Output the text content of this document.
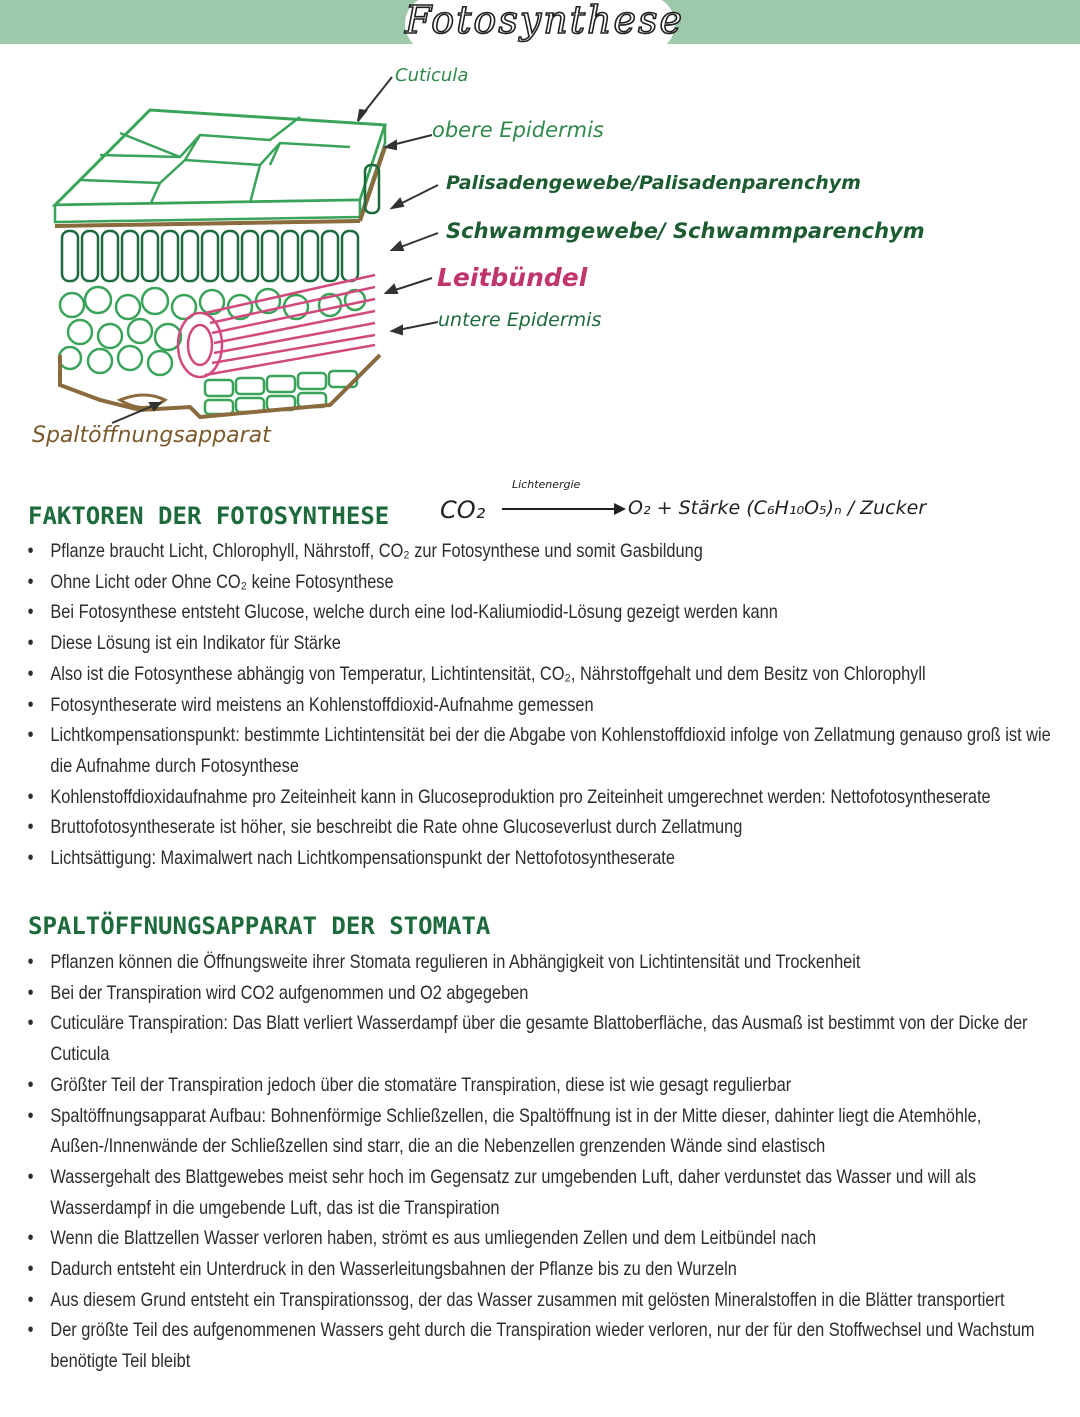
Fotosynthese
Cuticula
obere Epidermis
Palisadengewebe/Palisadenparenchym
Schwammgewebe/ Schwammparenchym
Leitbündel
untere Epidermis
Spaltöffnungsapparat
FAKTOREN DER FOTOSYNTHESE CO₂
Lichtenergie
O₂ + Stärke (C₆H₁₀O₅)ₙ / Zucker
• Pflanze braucht Licht, Chlorophyll, Nährstoff, CO₂ zur Fotosynthese und somit Gasbildung
• Ohne Licht oder Ohne CO₂ keine Fotosynthese
• Bei Fotosynthese entsteht Glucose, welche durch eine Iod-Kaliumiodid-Lösung gezeigt werden kann
• Diese Lösung ist ein Indikator für Stärke
• Also ist die Fotosynthese abhängig von Temperatur, Lichtintensität, CO₂, Nährstoffgehalt und dem Besitz von Chlorophyll
• Fotosyntheserate wird meistens an Kohlenstoffdioxid-Aufnahme gemessen
• Lichtkompensationspunkt: bestimmte Lichtintensität bei der die Abgabe von Kohlenstoffdioxid infolge von Zellatmung genauso groß ist wie die Aufnahme durch Fotosynthese
• Kohlenstoffdioxidaufnahme pro Zeiteinheit kann in Glucoseproduktion pro Zeiteinheit umgerechnet werden: Nettofotosyntheserate
• Bruttofotosyntheserate ist höher, sie beschreibt die Rate ohne Glucoseverlust durch Zellatmung
• Lichtsättigung: Maximalwert nach Lichtkompensationspunkt der Nettofotosyntheserate
SPALTÖFFNUNGSAPPARAT DER STOMATA
• Pflanzen können die Öffnungsweite ihrer Stomata regulieren in Abhängigkeit von Lichtintensität und Trockenheit
• Bei der Transpiration wird CO2 aufgenommen und O2 abgegeben
• Cuticuläre Transpiration: Das Blatt verliert Wasserdampf über die gesamte Blattoberfläche, das Ausmaß ist bestimmt von der Dicke der Cuticula
• Größter Teil der Transpiration jedoch über die stomatäre Transpiration, diese ist wie gesagt regulierbar
• Spaltöffnungsapparat Aufbau: Bohnenförmige Schließzellen, die Spaltöffnung ist in der Mitte dieser, dahinter liegt die Atemhöhle, Außen-/Innenwände der Schließzellen sind starr, die an die Nebenzellen grenzenden Wände sind elastisch
• Wassergehalt des Blattgewebes meist sehr hoch im Gegensatz zur umgebenden Luft, daher verdunstet das Wasser und will als Wasserdampf in die umgebende Luft, das ist die Transpiration
• Wenn die Blattzellen Wasser verloren haben, strömt es aus umliegenden Zellen und dem Leitbündel nach
• Dadurch entsteht ein Unterdruck in den Wasserleitungsbahnen der Pflanze bis zu den Wurzeln
• Aus diesem Grund entsteht ein Transpirationssog, der das Wasser zusammen mit gelösten Mineralstoffen in die Blätter transportiert
• Der größte Teil des aufgenommenen Wassers geht durch die Transpiration wieder verloren, nur der für den Stoffwechsel und Wachstum benötigte Teil bleibt
